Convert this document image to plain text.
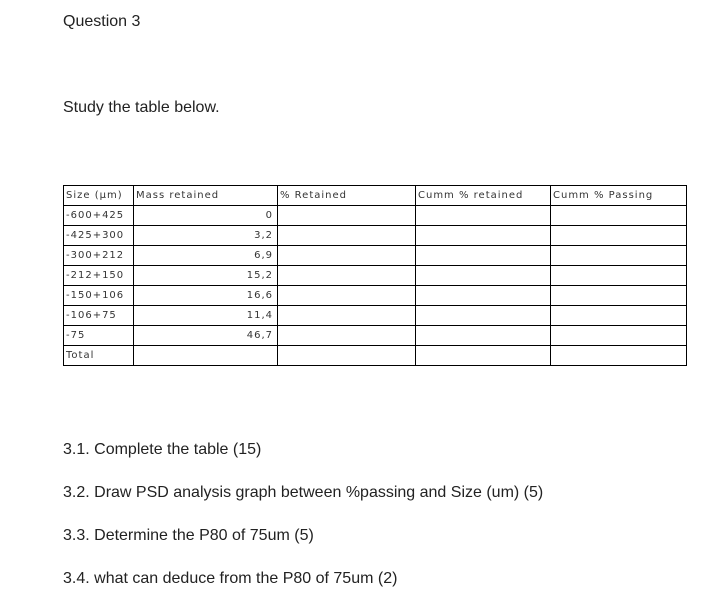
Question 3
Study the table below.
Size (μm)	Mass retained	% Retained	Cumm % retained	Cumm % Passing
-600+425	0			
-425+300	3,2			
-300+212	6,9			
-212+150	15,2			
-150+106	16,6			
-106+75	11,4			
-75	46,7			
Total				
3.1. Complete the table (15)
3.2. Draw PSD analysis graph between %passing and Size (um) (5)
3.3. Determine the P80 of 75um (5)
3.4. what can deduce from the P80 of 75um (2)
